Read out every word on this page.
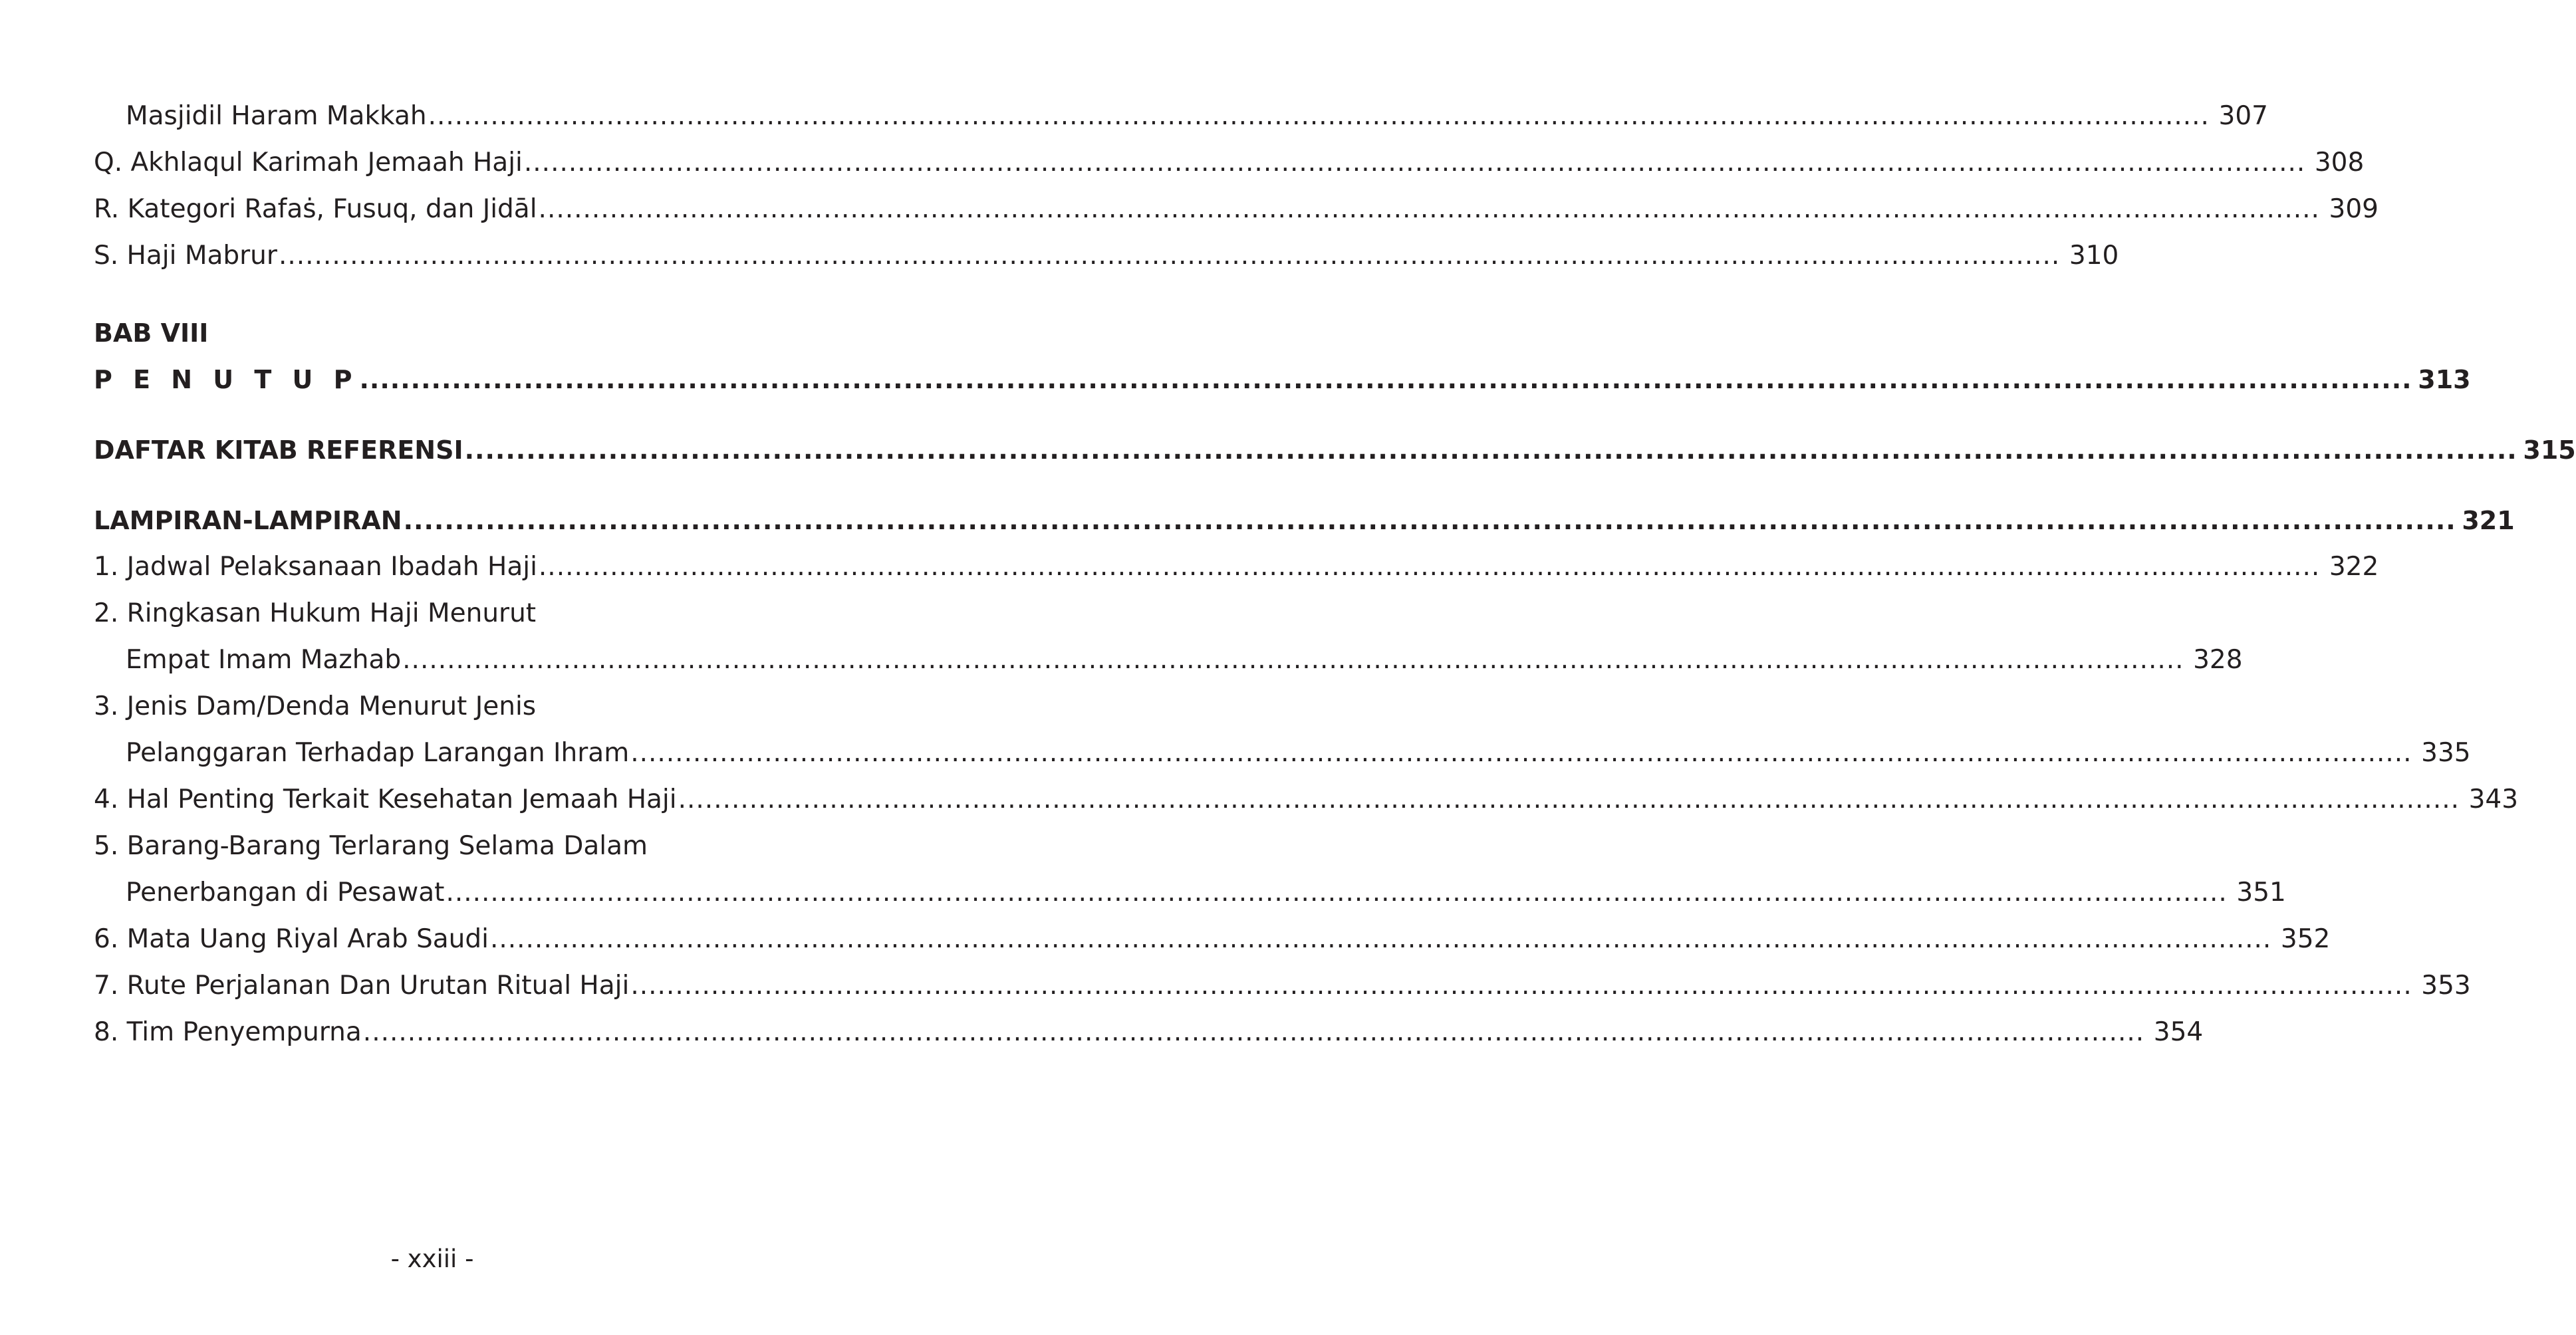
Masjidil Haram Makkah ........................................................................................................................................................................................................ 307
Q. Akhlaqul Karimah Jemaah Haji ........................................................................................................................................................................................................ 308
R. Kategori Rafaṡ, Fusuq, dan Jidāl ........................................................................................................................................................................................................ 309
S. Haji Mabrur ........................................................................................................................................................................................................ 310
BAB VIII
P E N U T U P ........................................................................................................................................................................................................ 313
DAFTAR KITAB REFERENSI ........................................................................................................................................................................................................ 315
LAMPIRAN-LAMPIRAN ........................................................................................................................................................................................................ 321
1. Jadwal Pelaksanaan Ibadah Haji ........................................................................................................................................................................................................ 322
2. Ringkasan Hukum Haji Menurut
Empat Imam Mazhab ........................................................................................................................................................................................................ 328
3. Jenis Dam/Denda Menurut Jenis
Pelanggaran Terhadap Larangan Ihram ........................................................................................................................................................................................................ 335
4. Hal Penting Terkait Kesehatan Jemaah Haji ........................................................................................................................................................................................................ 343
5. Barang-Barang Terlarang Selama Dalam
Penerbangan di Pesawat ........................................................................................................................................................................................................ 351
6. Mata Uang Riyal Arab Saudi ........................................................................................................................................................................................................ 352
7. Rute Perjalanan Dan Urutan Ritual Haji ........................................................................................................................................................................................................ 353
8. Tim Penyempurna ........................................................................................................................................................................................................ 354
- xxiii -
